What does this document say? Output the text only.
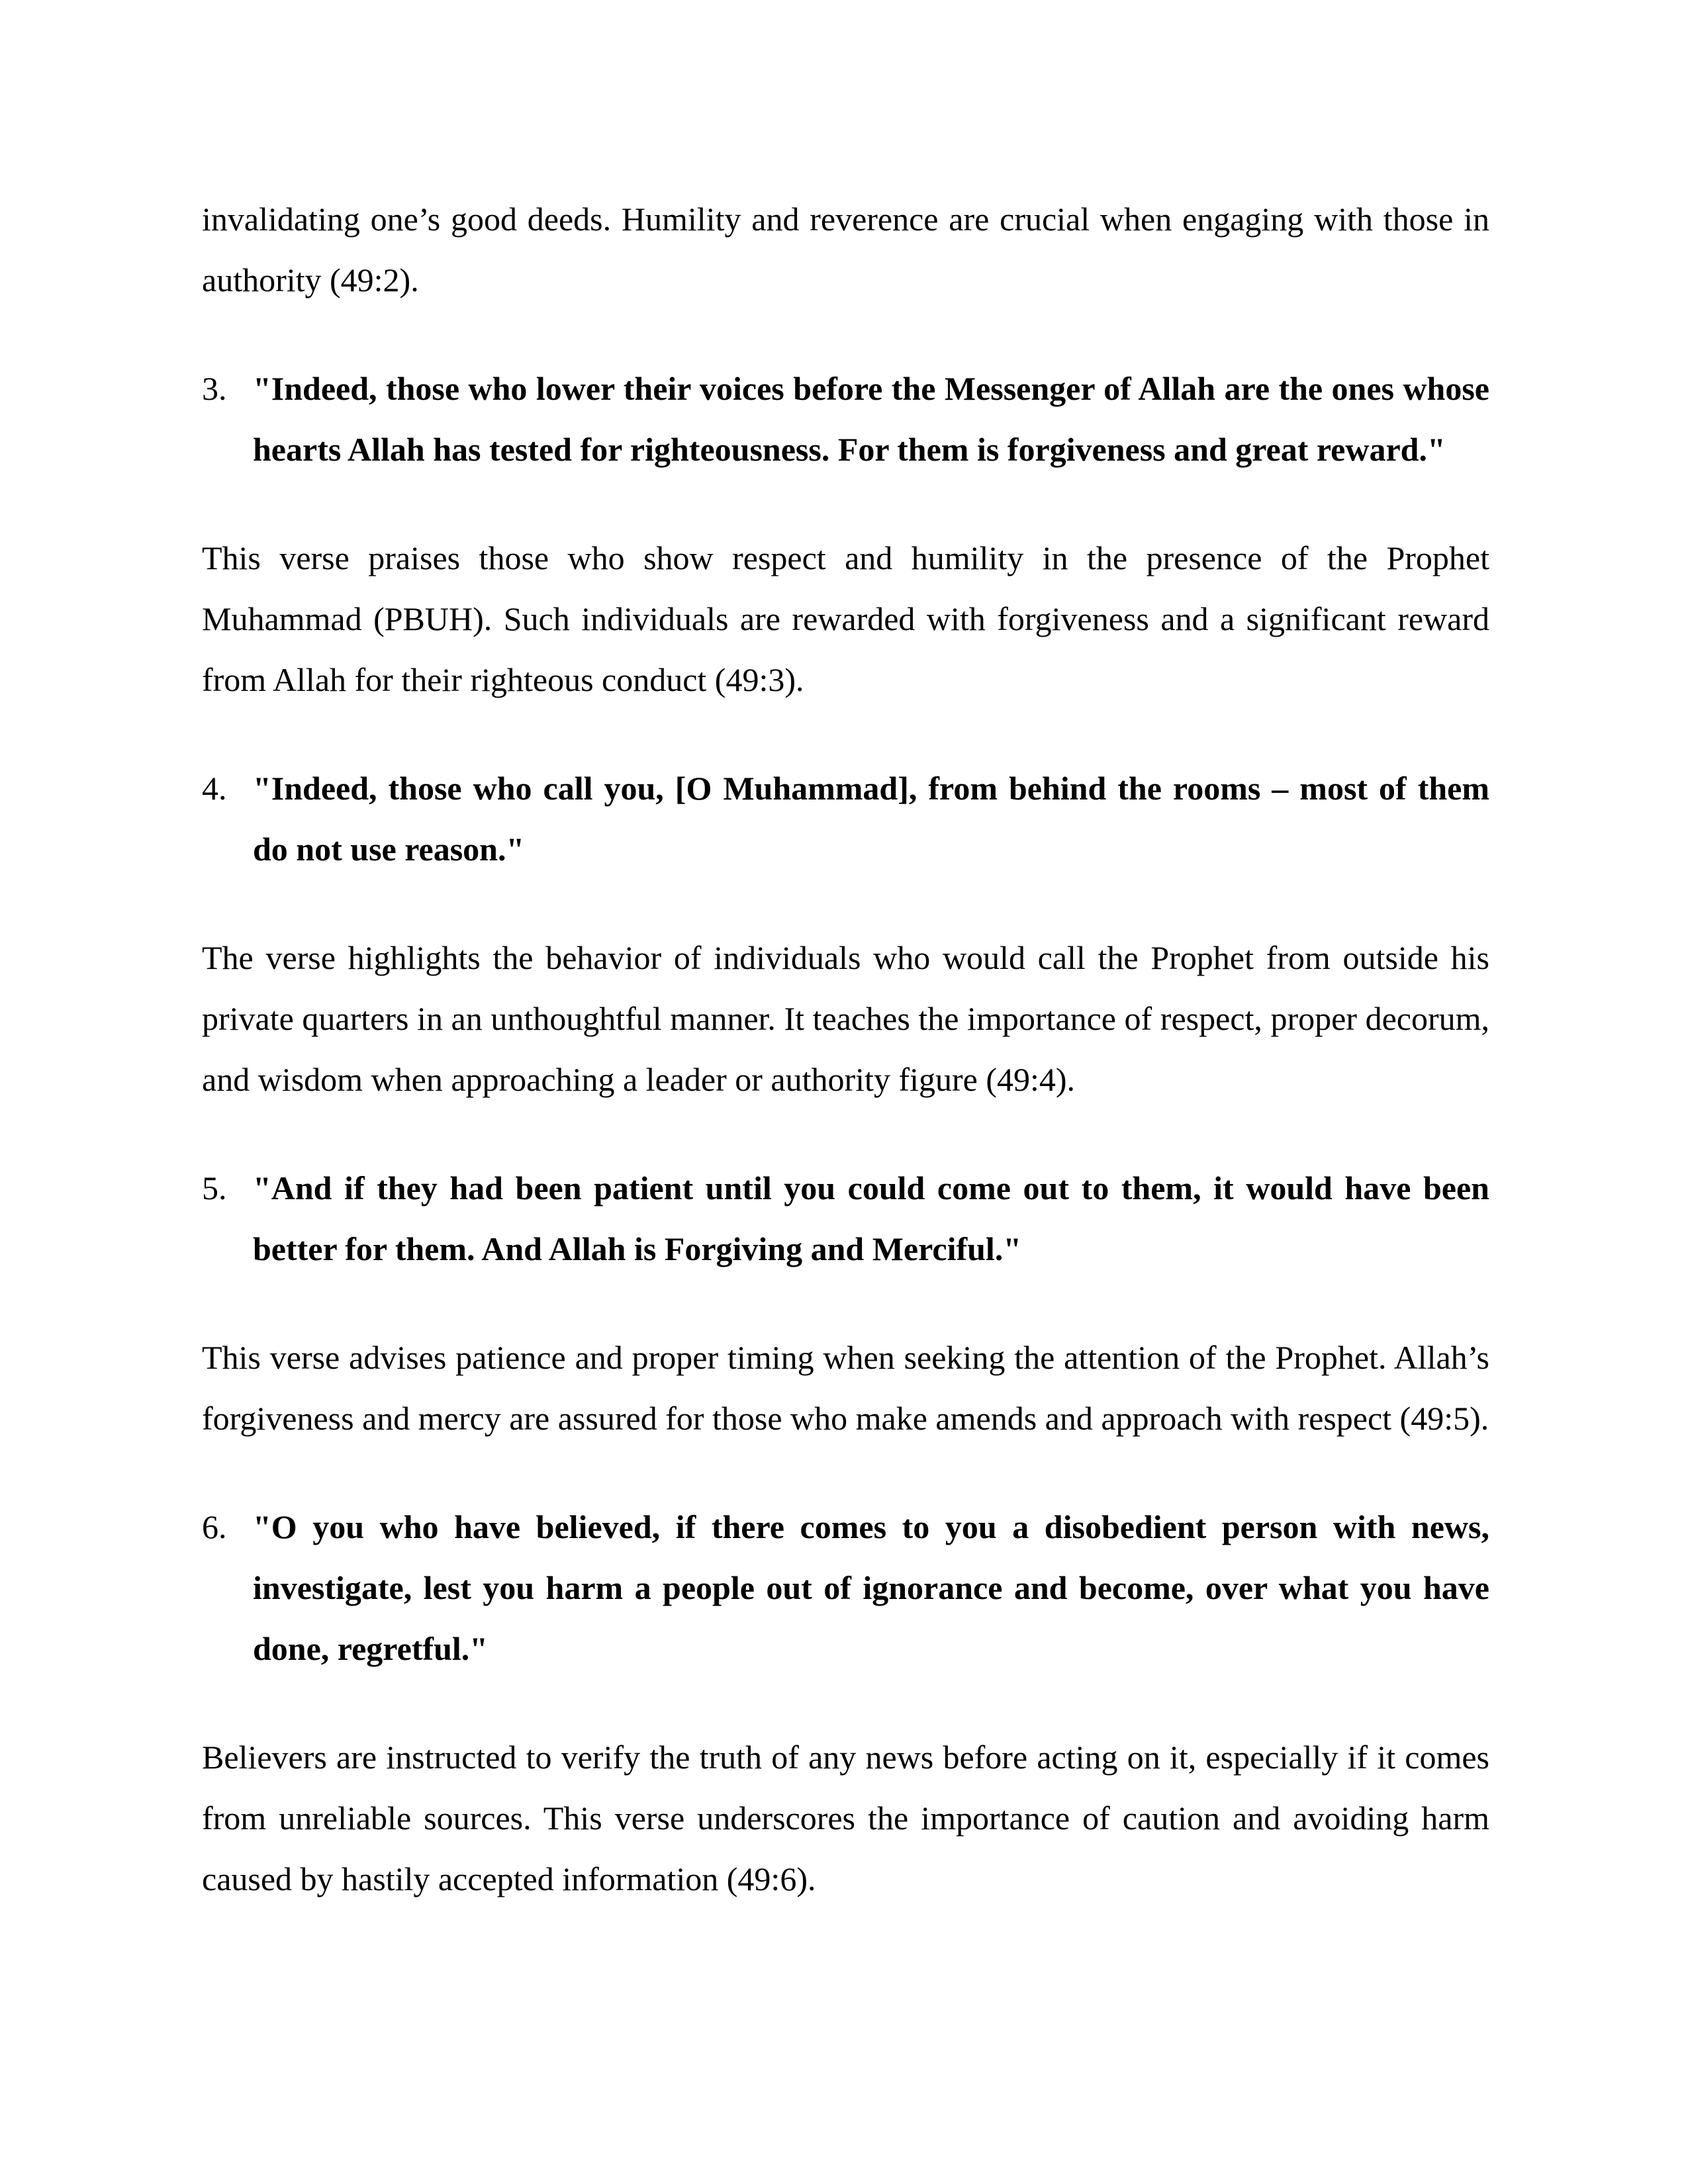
invalidating one’s good deeds. Humility and reverence are crucial when engaging with those in authority (49:2).

3. "Indeed, those who lower their voices before the Messenger of Allah are the ones whose hearts Allah has tested for righteousness. For them is forgiveness and great reward."

This verse praises those who show respect and humility in the presence of the Prophet Muhammad (PBUH). Such individuals are rewarded with forgiveness and a significant reward from Allah for their righteous conduct (49:3).

4. "Indeed, those who call you, [O Muhammad], from behind the rooms – most of them do not use reason."

The verse highlights the behavior of individuals who would call the Prophet from outside his private quarters in an unthoughtful manner. It teaches the importance of respect, proper decorum, and wisdom when approaching a leader or authority figure (49:4).

5. "And if they had been patient until you could come out to them, it would have been better for them. And Allah is Forgiving and Merciful."

This verse advises patience and proper timing when seeking the attention of the Prophet. Allah’s forgiveness and mercy are assured for those who make amends and approach with respect (49:5).

6. "O you who have believed, if there comes to you a disobedient person with news, investigate, lest you harm a people out of ignorance and become, over what you have done, regretful."

Believers are instructed to verify the truth of any news before acting on it, especially if it comes from unreliable sources. This verse underscores the importance of caution and avoiding harm caused by hastily accepted information (49:6).
